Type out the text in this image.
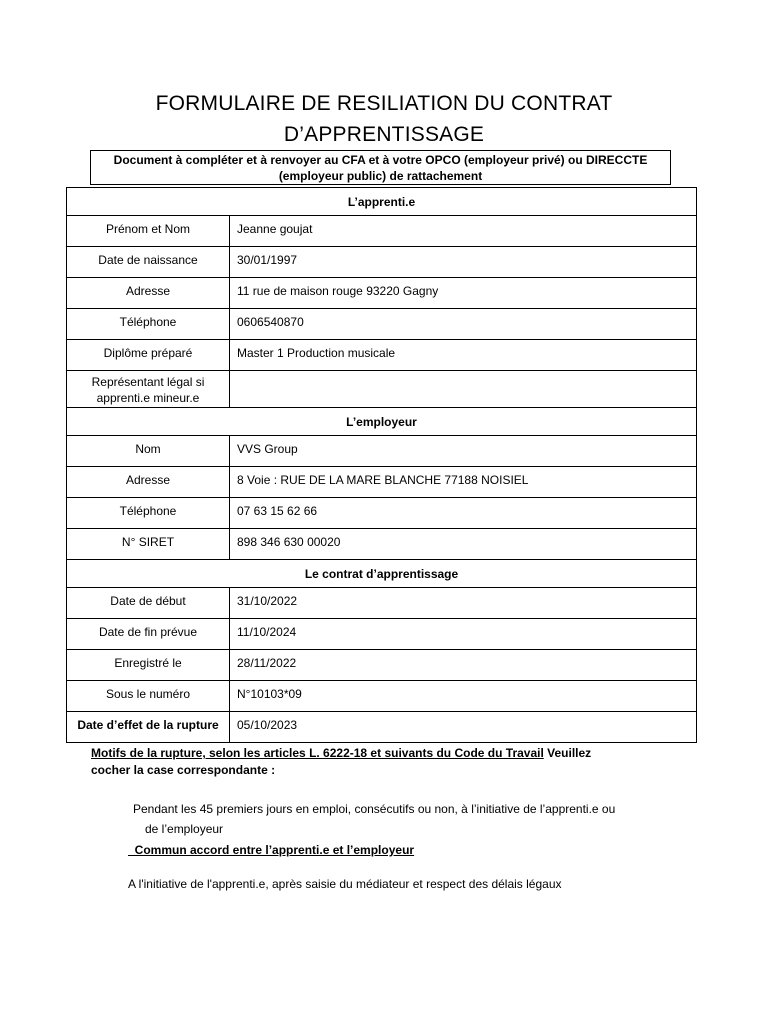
FORMULAIRE DE RESILIATION DU CONTRAT
D’APPRENTISSAGE
Document à compléter et à renvoyer au CFA et à votre OPCO (employeur privé) ou DIRECCTE
(employeur public) de rattachement
L’apprenti.e	
Prénom et Nom	Jeanne goujat
Date de naissance	30/01/1997
Adresse	11 rue de maison rouge 93220 Gagny
Téléphone	0606540870
Diplôme préparé	Master 1 Production musicale

Représentant légal si
apprenti.e mineur.e	

L’employeur	
Nom	VVS Group
Adresse	8 Voie : RUE DE LA MARE BLANCHE 77188 NOISIEL
Téléphone	07 63 15 62 66
N° SIRET	898 346 630 00020
Le contrat d’apprentissage	
Date de début	31/10/2022
Date de fin prévue	11/10/2024
Enregistré le	28/11/2022
Sous le numéro	N°10103*09
Date d’effet de la rupture	05/10/2023
Motifs de la rupture, selon les articles L. 6222-18 et suivants du Code du Travail Veuillez
cocher la case correspondante :
Pendant les 45 premiers jours en emploi, consécutifs ou non, à l’initiative de l’apprenti.e ou
de l’employeur
Commun accord entre l’apprenti.e et l’employeur
A l'initiative de l'apprenti.e, après saisie du médiateur et respect des délais légaux
